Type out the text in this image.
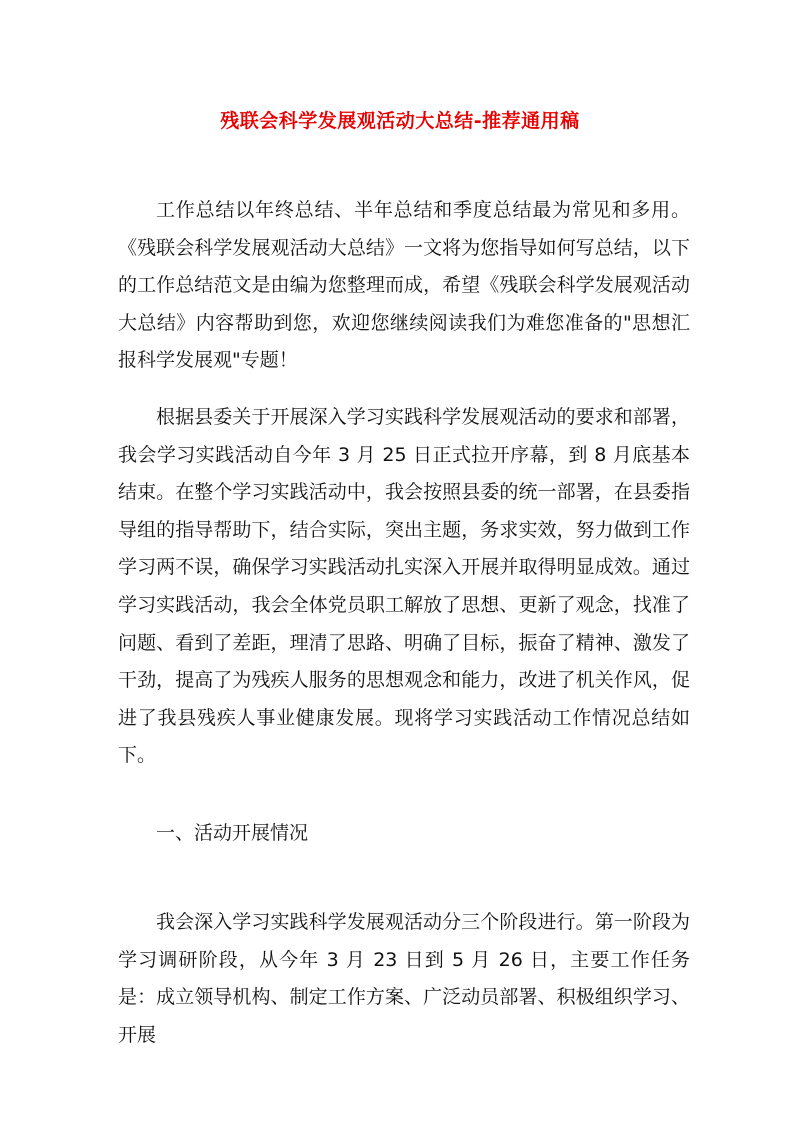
残联会科学发展观活动大总结-推荐通用稿

工作总结以年终总结、半年总结和季度总结最为常见和多用。《残联会科学发展观活动大总结》一文将为您指导如何写总结，以下的工作总结范文是由编为您整理而成，希望《残联会科学发展观活动大总结》内容帮助到您，欢迎您继续阅读我们为难您准备的"思想汇报科学发展观"专题！

根据县委关于开展深入学习实践科学发展观活动的要求和部署，我会学习实践活动自今年 3 月 25 日正式拉开序幕，到 8 月底基本结束。在整个学习实践活动中，我会按照县委的统一部署，在县委指导组的指导帮助下，结合实际，突出主题，务求实效，努力做到工作学习两不误，确保学习实践活动扎实深入开展并取得明显成效。通过学习实践活动，我会全体党员职工解放了思想、更新了观念，找准了问题、看到了差距，理清了思路、明确了目标，振奋了精神、激发了干劲，提高了为残疾人服务的思想观念和能力，改进了机关作风，促进了我县残疾人事业健康发展。现将学习实践活动工作情况总结如下。

一、活动开展情况

我会深入学习实践科学发展观活动分三个阶段进行。第一阶段为学习调研阶段，从今年 3 月 23 日到 5 月 26 日，主要工作任务是：成立领导机构、制定工作方案、广泛动员部署、积极组织学习、开展
